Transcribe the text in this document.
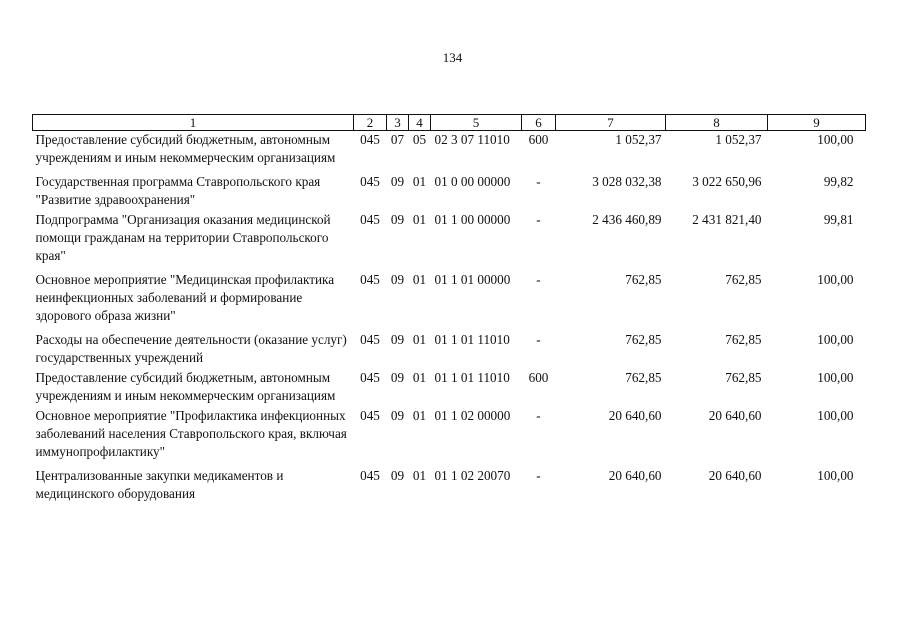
134
1	2	3	4	5	6	7	8	9
Предоставление субсидий бюджетным, автономным учреждениям и иным некоммерческим организациям	045	07	05	02 3 07 11010	600	1 052,37	1 052,37	100,00
Государственная программа Ставропольского края "Развитие здравоохранения"	045	09	01	01 0 00 00000	-	3 028 032,38	3 022 650,96	99,82
Подпрограмма "Организация оказания медицинской помощи гражданам на территории Ставропольского края"	045	09	01	01 1 00 00000	-	2 436 460,89	2 431 821,40	99,81
Основное мероприятие "Медицинская профилактика неинфекционных заболеваний и формирование здорового образа жизни"	045	09	01	01 1 01 00000	-	762,85	762,85	100,00
Расходы на обеспечение деятельности (оказание услуг) государственных учреждений	045	09	01	01 1 01 11010	-	762,85	762,85	100,00
Предоставление субсидий бюджетным, автономным учреждениям и иным некоммерческим организациям	045	09	01	01 1 01 11010	600	762,85	762,85	100,00
Основное мероприятие "Профилактика инфекционных заболеваний населения Ставропольского края, включая иммунопрофилактику"	045	09	01	01 1 02 00000	-	20 640,60	20 640,60	100,00
Централизованные закупки медикаментов и медицинского оборудования	045	09	01	01 1 02 20070	-	20 640,60	20 640,60	100,00
